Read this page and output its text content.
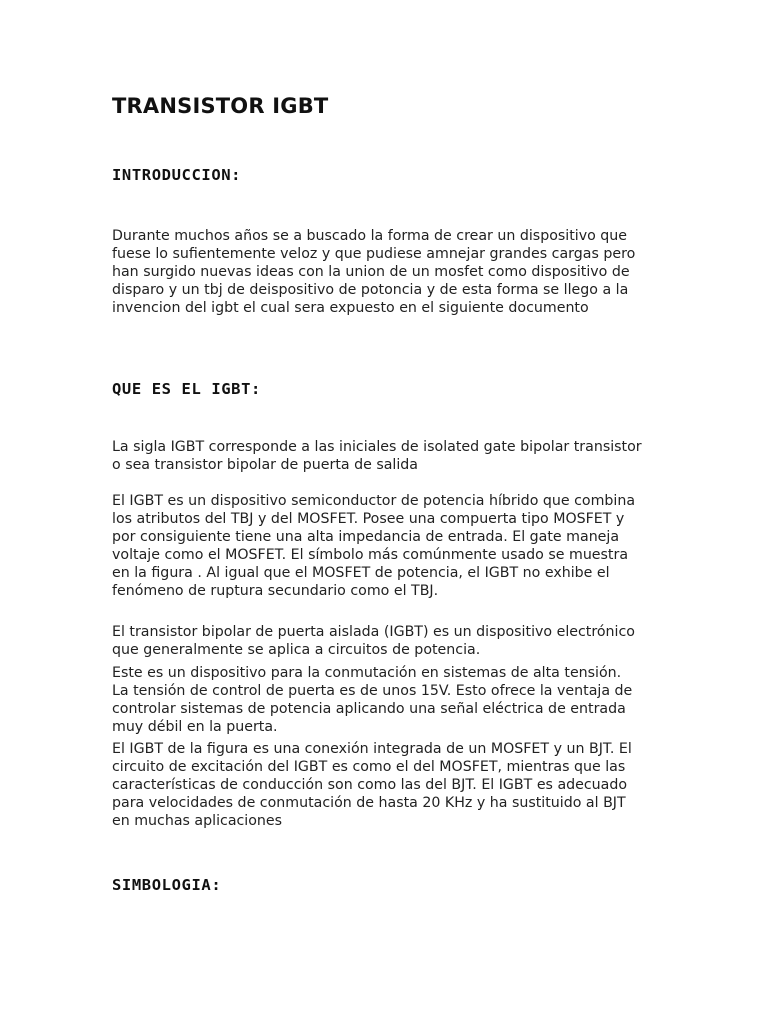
TRANSISTOR IGBT
INTRODUCCION:

Durante muchos años se a buscado la forma de crear un dispositivo que fuese lo sufientemente veloz y que pudiese amnejar grandes cargas pero han surgido nuevas ideas con la union de un mosfet como dispositivo de disparo y un tbj de deispositivo de potoncia y de esta forma se llego a la invencion del igbt el cual sera expuesto en el siguiente documento

QUE ES EL IGBT:

La sigla IGBT corresponde a las iniciales de isolated gate bipolar transistor o sea transistor bipolar de puerta de salida

El IGBT es un dispositivo semiconductor de potencia híbrido que combina los atributos del TBJ y del MOSFET. Posee una compuerta tipo MOSFET y por consiguiente tiene una alta impedancia de entrada. El gate maneja voltaje como el MOSFET. El símbolo más comúnmente usado se muestra en la figura . Al igual que el MOSFET de potencia, el IGBT no exhibe el fenómeno de ruptura secundario como el TBJ.

El transistor bipolar de puerta aislada (IGBT) es un dispositivo electrónico que generalmente se aplica a circuitos de potencia.

Este es un dispositivo para la conmutación en sistemas de alta tensión. La tensión de control de puerta es de unos 15V. Esto ofrece la ventaja de controlar sistemas de potencia aplicando una señal eléctrica de entrada muy débil en la puerta.

El IGBT de la figura es una conexión integrada de un MOSFET y un BJT. El circuito de excitación del IGBT es como el del MOSFET, mientras que las características de conducción son como las del BJT. El IGBT es adecuado para velocidades de conmutación de hasta 20 KHz y ha sustituido al BJT en muchas aplicaciones

SIMBOLOGIA:
